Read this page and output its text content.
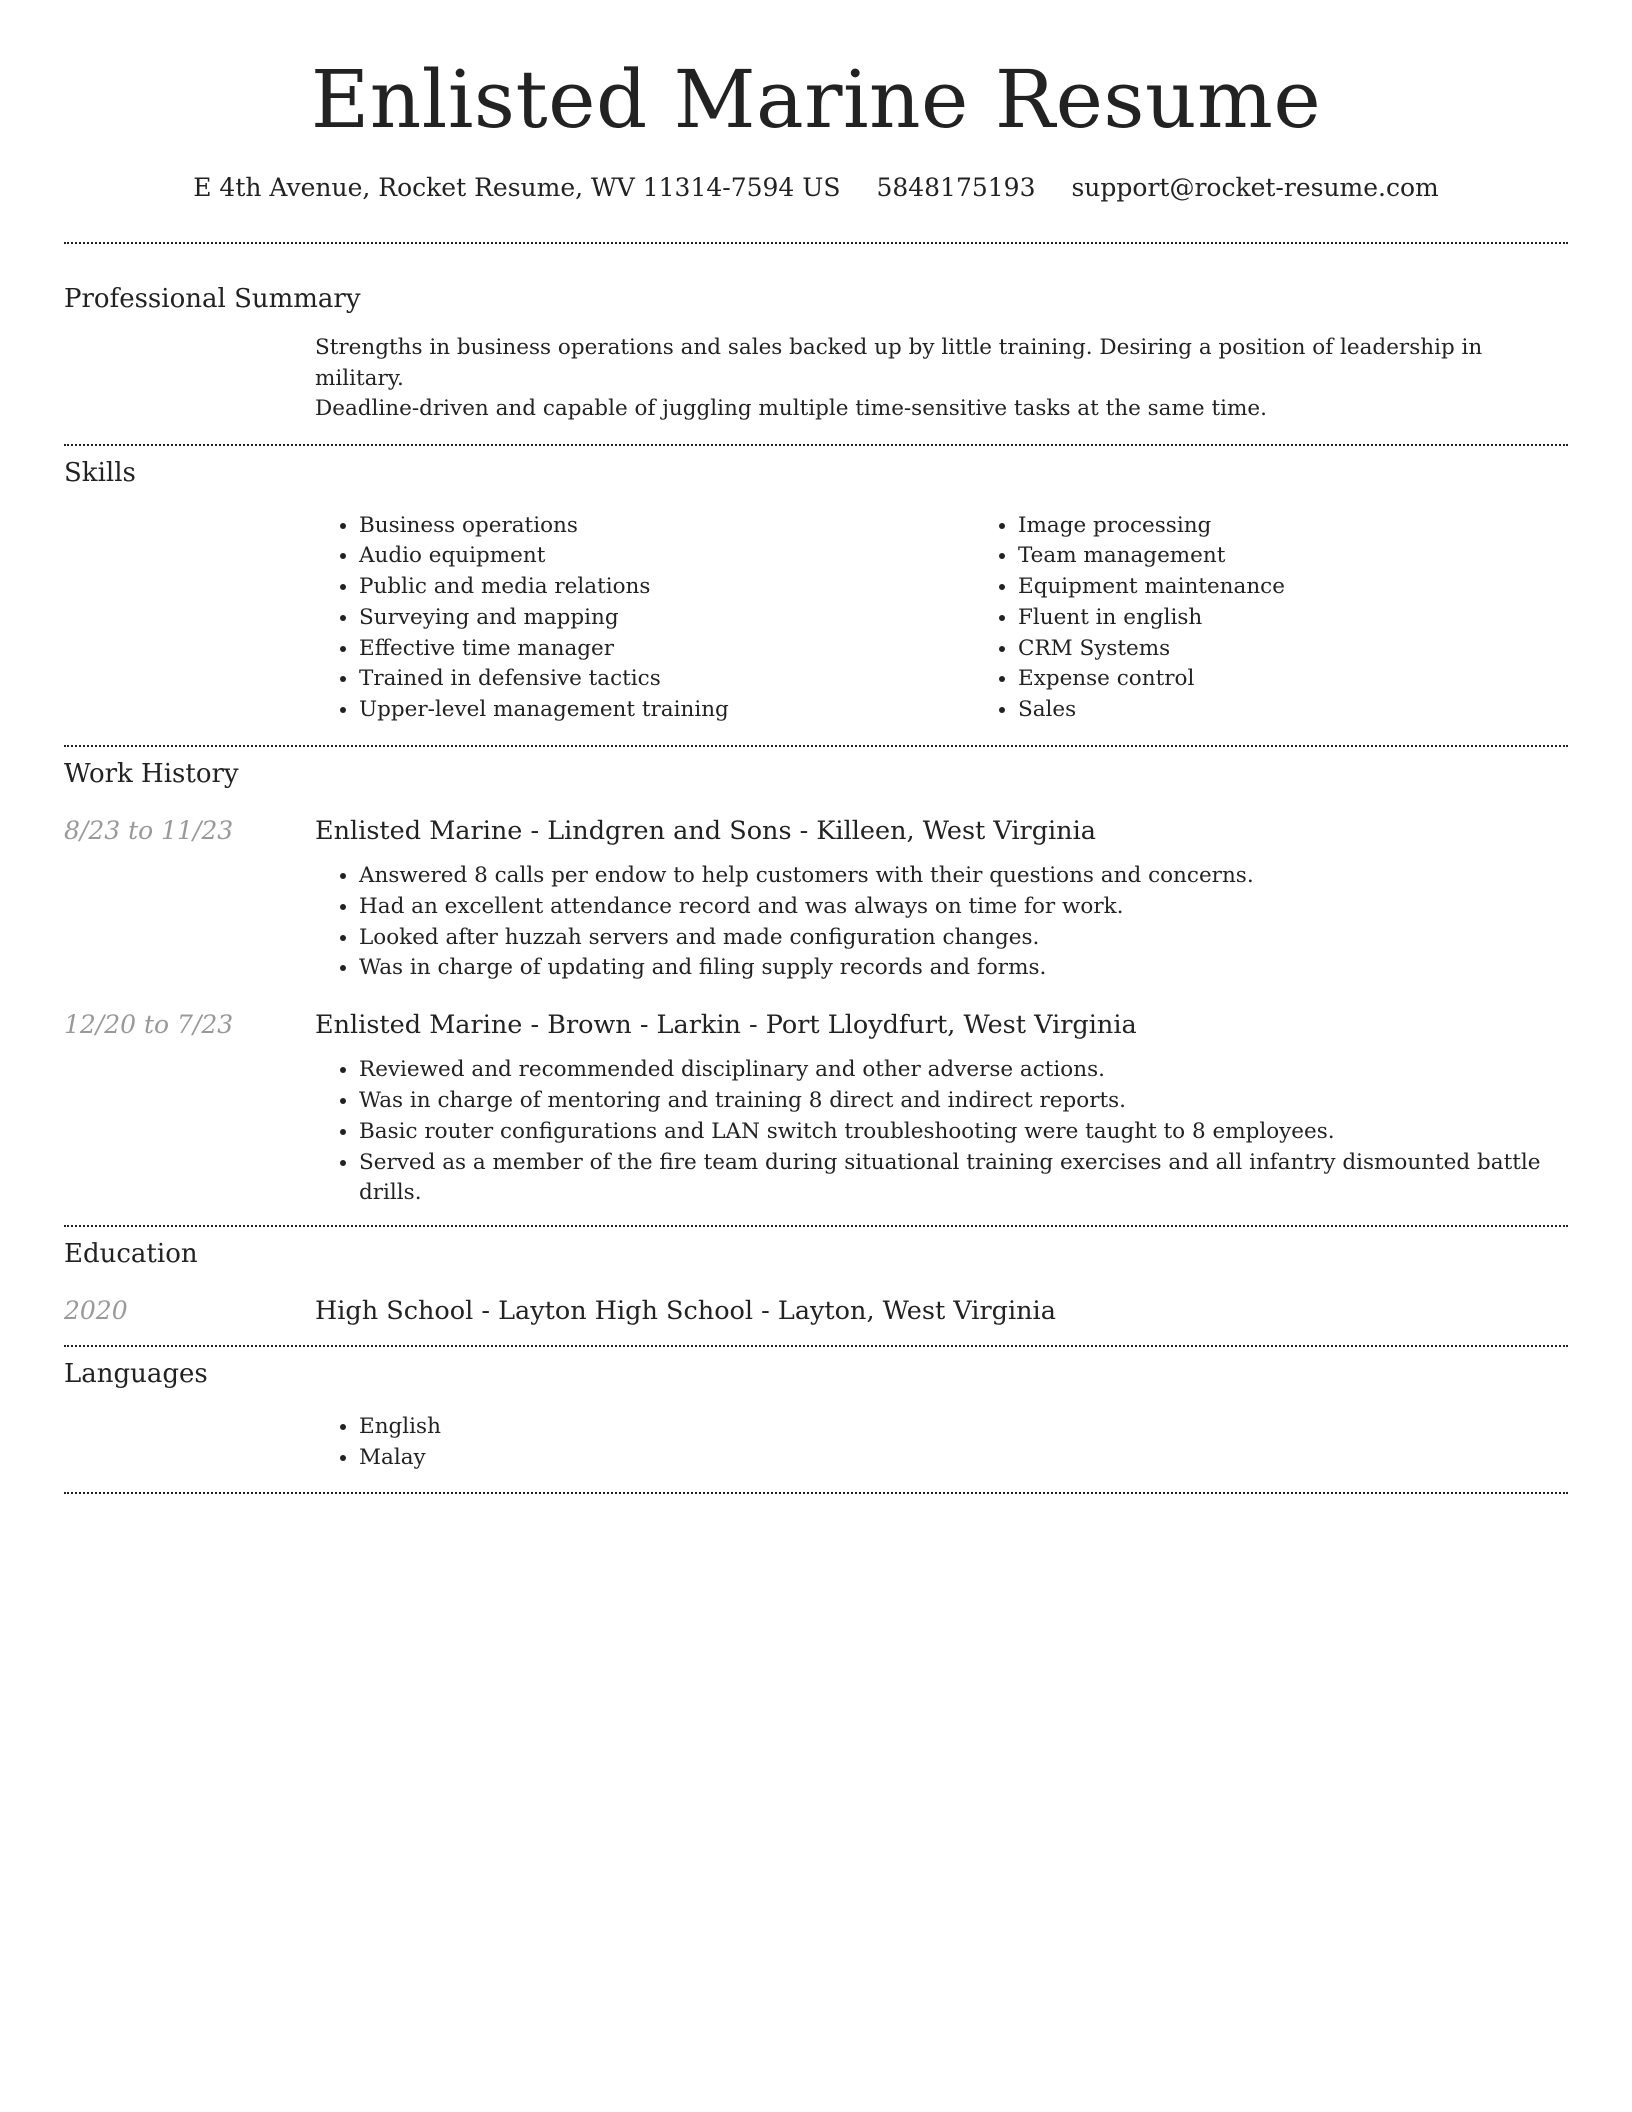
Enlisted Marine Resume
E 4th Avenue, Rocket Resume, WV 11314-7594 US 5848175193 support@rocket-resume.com
Professional Summary
Strengths in business operations and sales backed up by little training. Desiring a position of leadership in military.
Deadline-driven and capable of juggling multiple time-sensitive tasks at the same time.
Skills
• Business operations
• Audio equipment
• Public and media relations
• Surveying and mapping
• Effective time manager
• Trained in defensive tactics
• Upper-level management training
• Image processing
• Team management
• Equipment maintenance
• Fluent in english
• CRM Systems
• Expense control
• Sales
Work History
8/23 to 11/23	Enlisted Marine - Lindgren and Sons - Killeen, West Virginia
• Answered 8 calls per endow to help customers with their questions and concerns.
• Had an excellent attendance record and was always on time for work.
• Looked after huzzah servers and made configuration changes.
• Was in charge of updating and filing supply records and forms.
12/20 to 7/23	Enlisted Marine - Brown - Larkin - Port Lloydfurt, West Virginia
• Reviewed and recommended disciplinary and other adverse actions.
• Was in charge of mentoring and training 8 direct and indirect reports.
• Basic router configurations and LAN switch troubleshooting were taught to 8 employees.
• Served as a member of the fire team during situational training exercises and all infantry dismounted battle drills.
Education
2020	High School - Layton High School - Layton, West Virginia
Languages
• English
• Malay
